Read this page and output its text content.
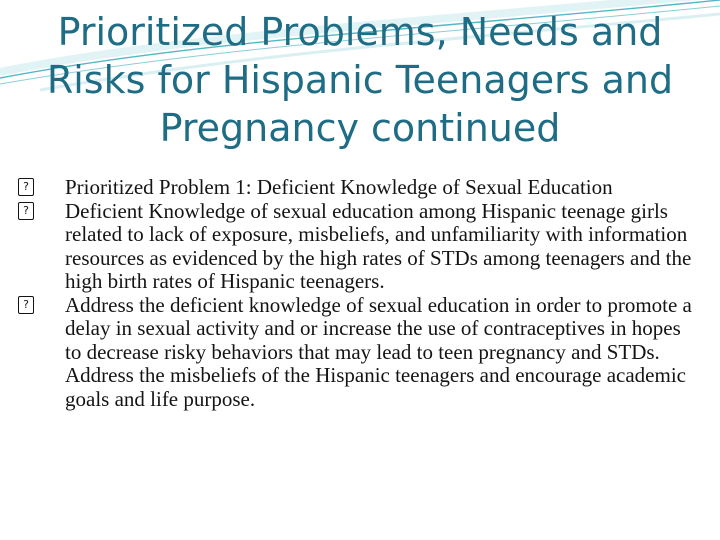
Prioritized Problems, Needs and Risks for Hispanic Teenagers and Pregnancy continued
? Prioritized Problem 1: Deficient Knowledge of Sexual Education
? Deficient Knowledge of sexual education among Hispanic teenage girls related to lack of exposure, misbeliefs, and unfamiliarity with information resources as evidenced by the high rates of STDs among teenagers and the high birth rates of Hispanic teenagers.
? Address the deficient knowledge of sexual education in order to promote a delay in sexual activity and or increase the use of contraceptives in hopes to decrease risky behaviors that may lead to teen pregnancy and STDs. Address the misbeliefs of the Hispanic teenagers and encourage academic goals and life purpose.
